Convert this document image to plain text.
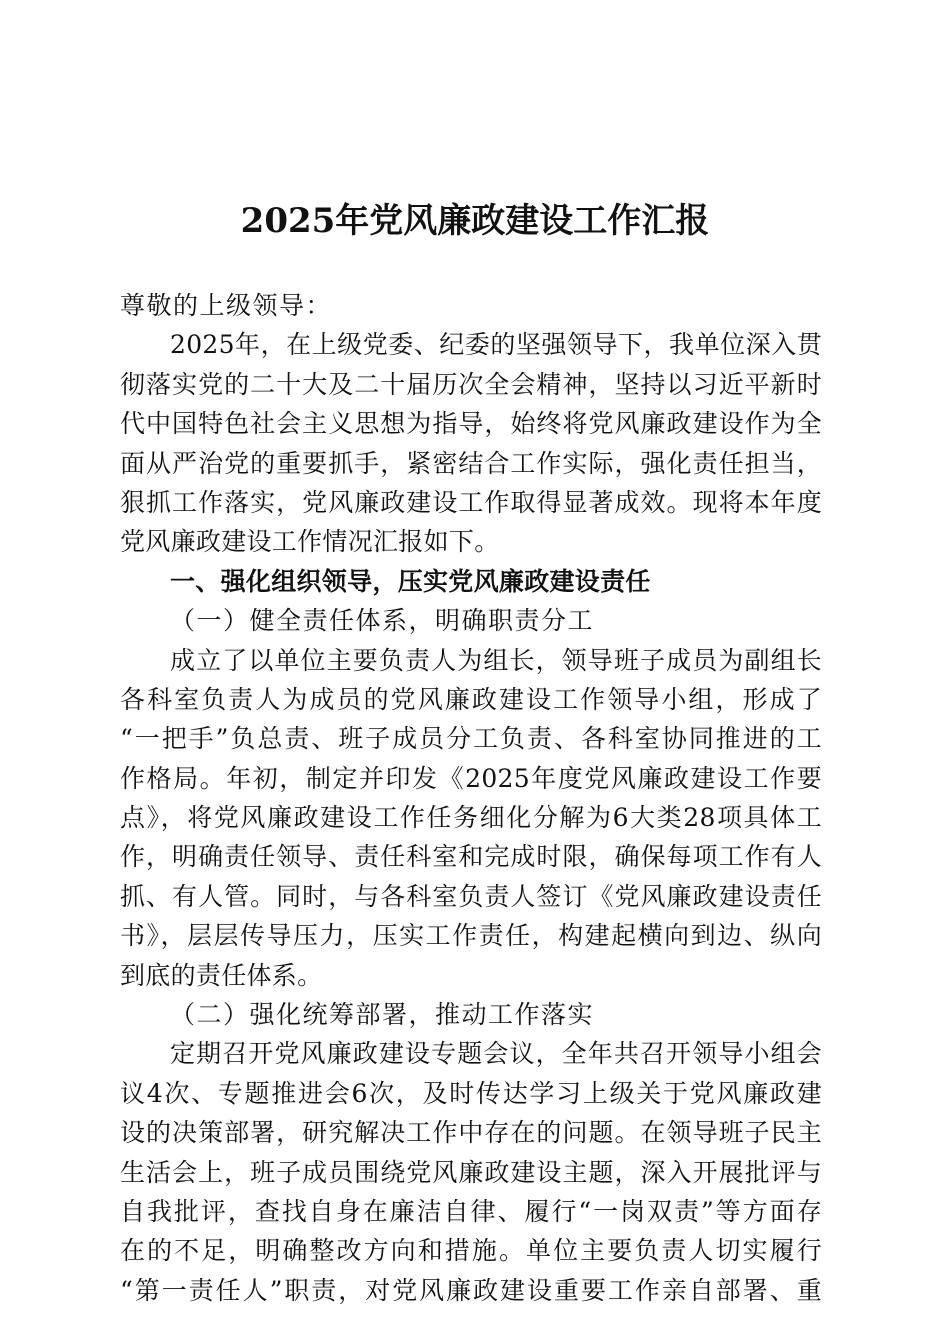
2025年党风廉政建设工作汇报
尊敬的上级领导：
2025年，在上级党委、纪委的坚强领导下，我单位深入贯
彻落实党的二十大及二十届历次全会精神，坚持以习近平新时
代中国特色社会主义思想为指导，始终将党风廉政建设作为全
面从严治党的重要抓手，紧密结合工作实际，强化责任担当，
狠抓工作落实，党风廉政建设工作取得显著成效。现将本年度
党风廉政建设工作情况汇报如下。
一、强化组织领导，压实党风廉政建设责任
（一）健全责任体系，明确职责分工
成立了以单位主要负责人为组长，领导班子成员为副组长
各科室负责人为成员的党风廉政建设工作领导小组，形成了
“一把手”负总责、班子成员分工负责、各科室协同推进的工
作格局。年初，制定并印发《2025年度党风廉政建设工作要
点》，将党风廉政建设工作任务细化分解为6大类28项具体工
作，明确责任领导、责任科室和完成时限，确保每项工作有人
抓、有人管。同时，与各科室负责人签订《党风廉政建设责任
书》，层层传导压力，压实工作责任，构建起横向到边、纵向
到底的责任体系。
（二）强化统筹部署，推动工作落实
定期召开党风廉政建设专题会议，全年共召开领导小组会
议4次、专题推进会6次，及时传达学习上级关于党风廉政建
设的决策部署，研究解决工作中存在的问题。在领导班子民主
生活会上，班子成员围绕党风廉政建设主题，深入开展批评与
自我批评，查找自身在廉洁自律、履行“一岗双责”等方面存
在的不足，明确整改方向和措施。单位主要负责人切实履行
“第一责任人”职责，对党风廉政建设重要工作亲自部署、重
